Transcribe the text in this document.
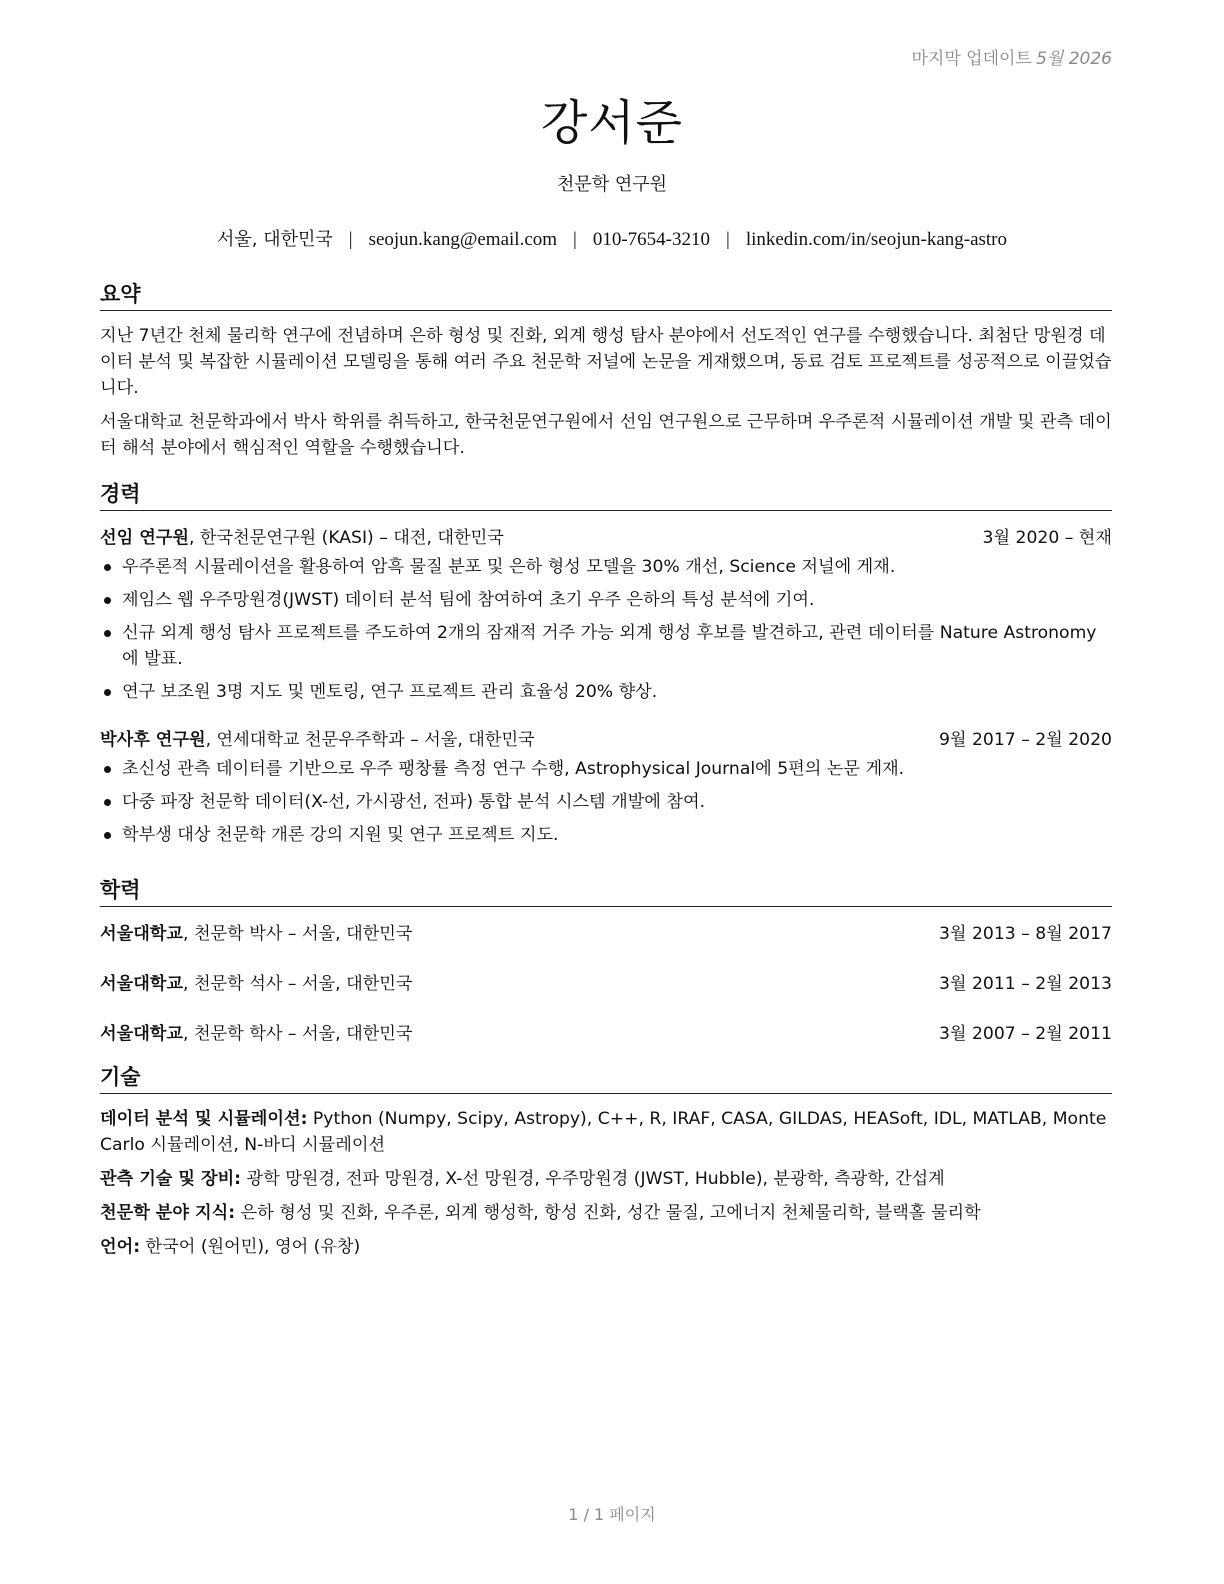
마지막 업데이트 5월 2026
강서준
천문학 연구원
서울, 대한민국 | seojun.kang@email.com | 010-7654-3210 | linkedin.com/in/seojun-kang-astro
요약

지난 7년간 천체 물리학 연구에 전념하며 은하 형성 및 진화, 외계 행성 탐사 분야에서 선도적인 연구를 수행했습니다. 최첨단 망원경 데이터 분석 및 복잡한 시뮬레이션 모델링을 통해 여러 주요 천문학 저널에 논문을 게재했으며, 동료 검토 프로젝트를 성공적으로 이끌었습니다.

서울대학교 천문학과에서 박사 학위를 취득하고, 한국천문연구원에서 선임 연구원으로 근무하며 우주론적 시뮬레이션 개발 및 관측 데이터 해석 분야에서 핵심적인 역할을 수행했습니다.

경력
선임 연구원, 한국천문연구원 (KASI) – 대전, 대한민국	3월 2020 – 현재
우주론적 시뮬레이션을 활용하여 암흑 물질 분포 및 은하 형성 모델을 30% 개선, Science 저널에 게재.
제임스 웹 우주망원경(JWST) 데이터 분석 팀에 참여하여 초기 우주 은하의 특성 분석에 기여.
신규 외계 행성 탐사 프로젝트를 주도하여 2개의 잠재적 거주 가능 외계 행성 후보를 발견하고, 관련 데이터를 Nature Astronomy에 발표.
연구 보조원 3명 지도 및 멘토링, 연구 프로젝트 관리 효율성 20% 향상.
박사후 연구원, 연세대학교 천문우주학과 – 서울, 대한민국	9월 2017 – 2월 2020
초신성 관측 데이터를 기반으로 우주 팽창률 측정 연구 수행, Astrophysical Journal에 5편의 논문 게재.
다중 파장 천문학 데이터(X-선, 가시광선, 전파) 통합 분석 시스템 개발에 참여.
학부생 대상 천문학 개론 강의 지원 및 연구 프로젝트 지도.
학력
서울대학교, 천문학 박사 – 서울, 대한민국	3월 2013 – 8월 2017
서울대학교, 천문학 석사 – 서울, 대한민국	3월 2011 – 2월 2013
서울대학교, 천문학 학사 – 서울, 대한민국	3월 2007 – 2월 2011
기술
데이터 분석 및 시뮬레이션: Python (Numpy, Scipy, Astropy), C++, R, IRAF, CASA, GILDAS, HEASoft, IDL, MATLAB, Monte Carlo 시뮬레이션, N-바디 시뮬레이션
관측 기술 및 장비: 광학 망원경, 전파 망원경, X-선 망원경, 우주망원경 (JWST, Hubble), 분광학, 측광학, 간섭계
천문학 분야 지식: 은하 형성 및 진화, 우주론, 외계 행성학, 항성 진화, 성간 물질, 고에너지 천체물리학, 블랙홀 물리학
언어: 한국어 (원어민), 영어 (유창)
1 / 1 페이지
